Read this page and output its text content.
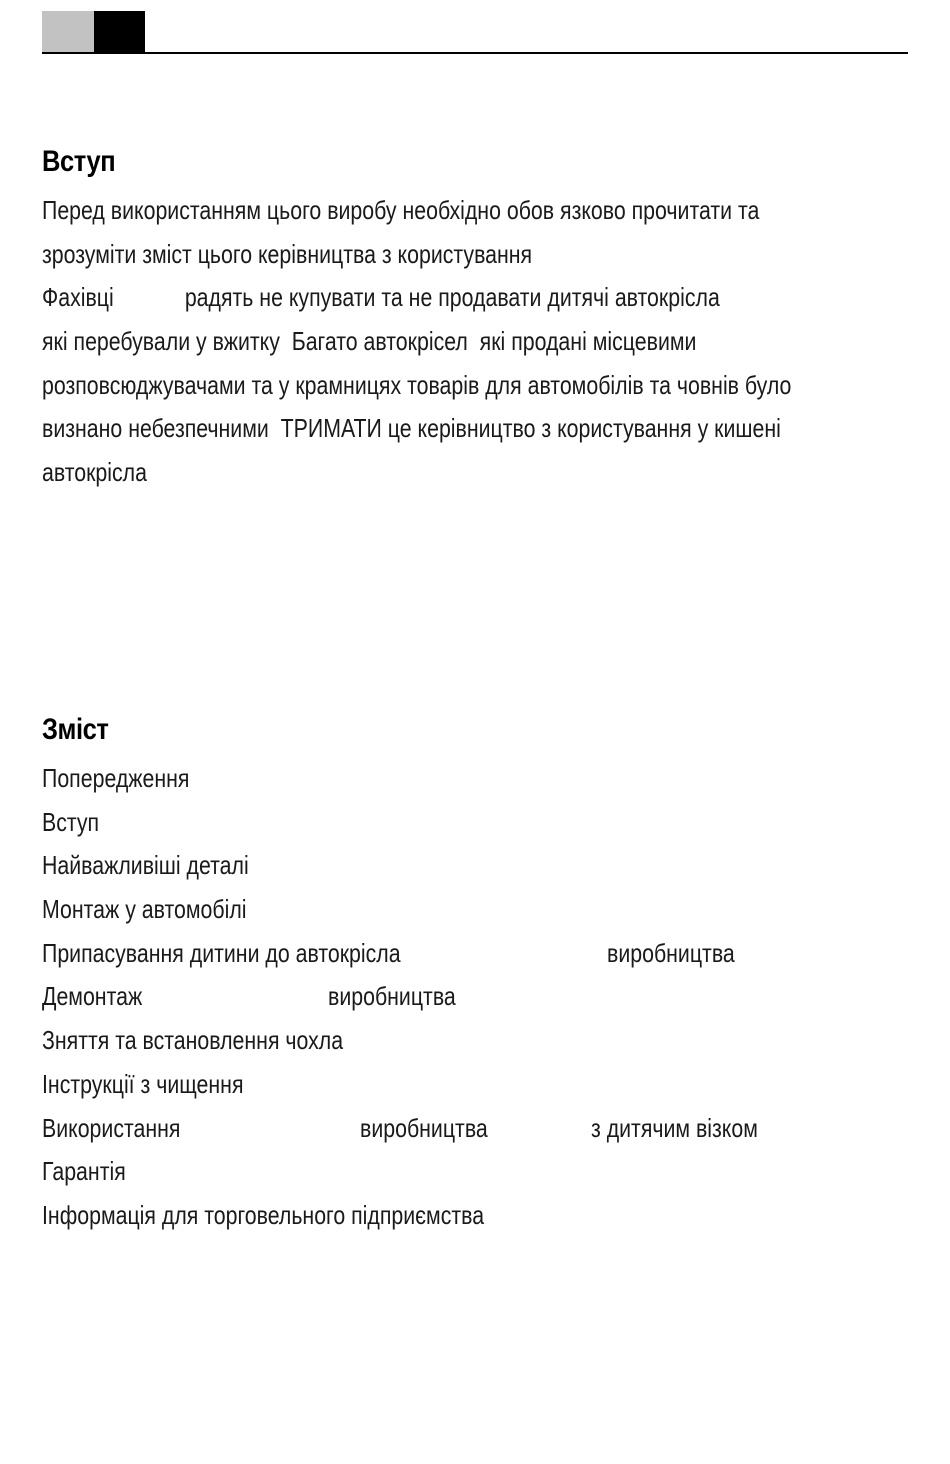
Вступ
Перед використанням цього виробу необхідно обов язково прочитати та
зрозуміти зміст цього керівництва з користування
Фахівці            радять не купувати та не продавати дитячі автокрісла
які перебували у вжитку  Багато автокрісел  які продані місцевими
розповсюджувачами та у крамницях товарів для автомобілів та човнів було
визнано небезпечними  ТРИМАТИ це керівництво з користування у кишені
автокрісла
Зміст

Попередження

Вступ

Найважливіші деталі

Монтаж у автомобілі

Припасування дитини до автокрісла

	виробництва

Демонтаж

	виробництва

Зняття та встановлення чохла

Інструкції з чищення

Використання

	виробництва

	з дитячим візком

Гарантія

Інформація для торговельного підприємства
